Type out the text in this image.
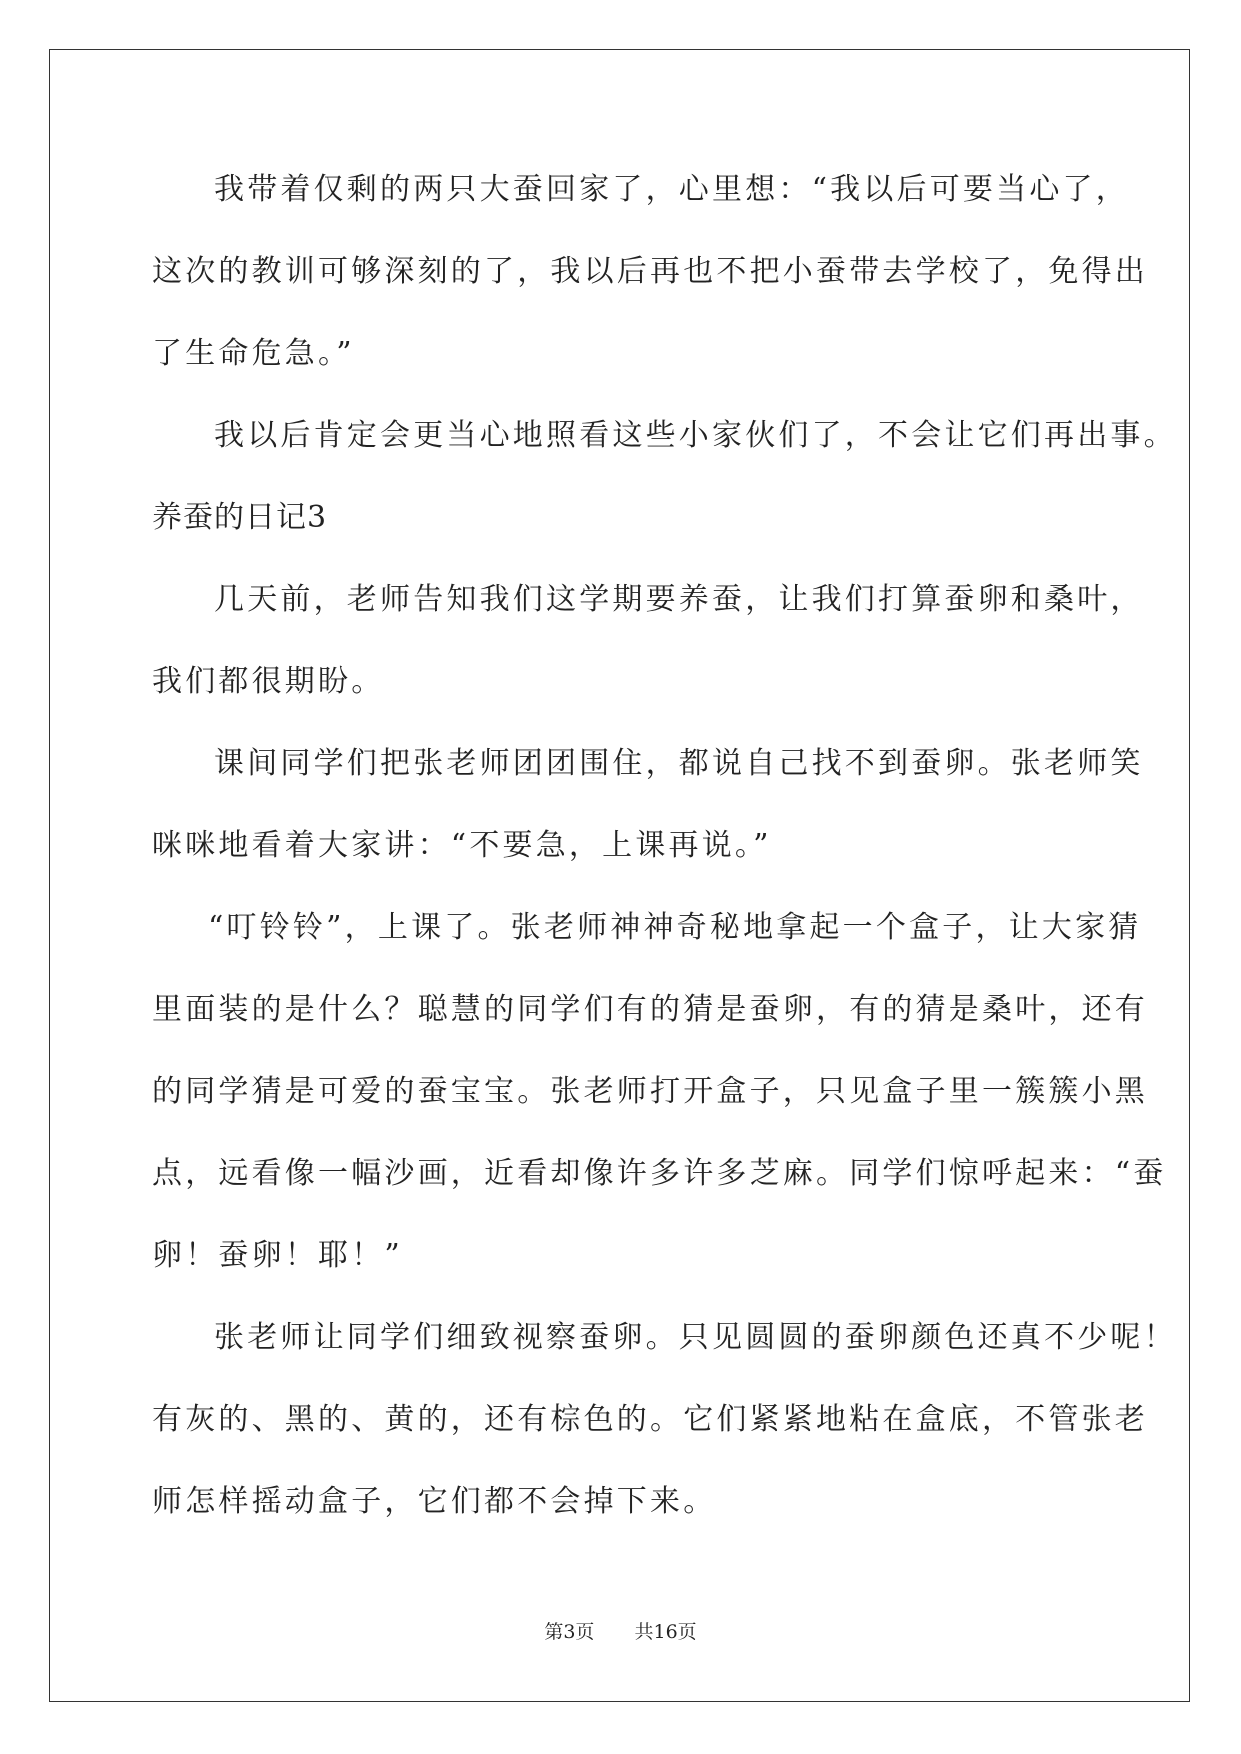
我带着仅剩的两只大蚕回家了，心里想：“我以后可要当心了，
这次的教训可够深刻的了，我以后再也不把小蚕带去学校了，免得出
了生命危急。”
我以后肯定会更当心地照看这些小家伙们了，不会让它们再出事。
养蚕的日记3
几天前，老师告知我们这学期要养蚕，让我们打算蚕卵和桑叶，
我们都很期盼。
课间同学们把张老师团团围住，都说自己找不到蚕卵。张老师笑
咪咪地看着大家讲：“不要急，上课再说。”
“叮铃铃”，上课了。张老师神神奇秘地拿起一个盒子，让大家猜
里面装的是什么？聪慧的同学们有的猜是蚕卵，有的猜是桑叶，还有
的同学猜是可爱的蚕宝宝。张老师打开盒子，只见盒子里一簇簇小黑
点，远看像一幅沙画，近看却像许多许多芝麻。同学们惊呼起来：“蚕
卵！蚕卵！耶！”
张老师让同学们细致视察蚕卵。只见圆圆的蚕卵颜色还真不少呢！
有灰的、黑的、黄的，还有棕色的。它们紧紧地粘在盒底，不管张老
师怎样摇动盒子，它们都不会掉下来。
第3页 共16页
